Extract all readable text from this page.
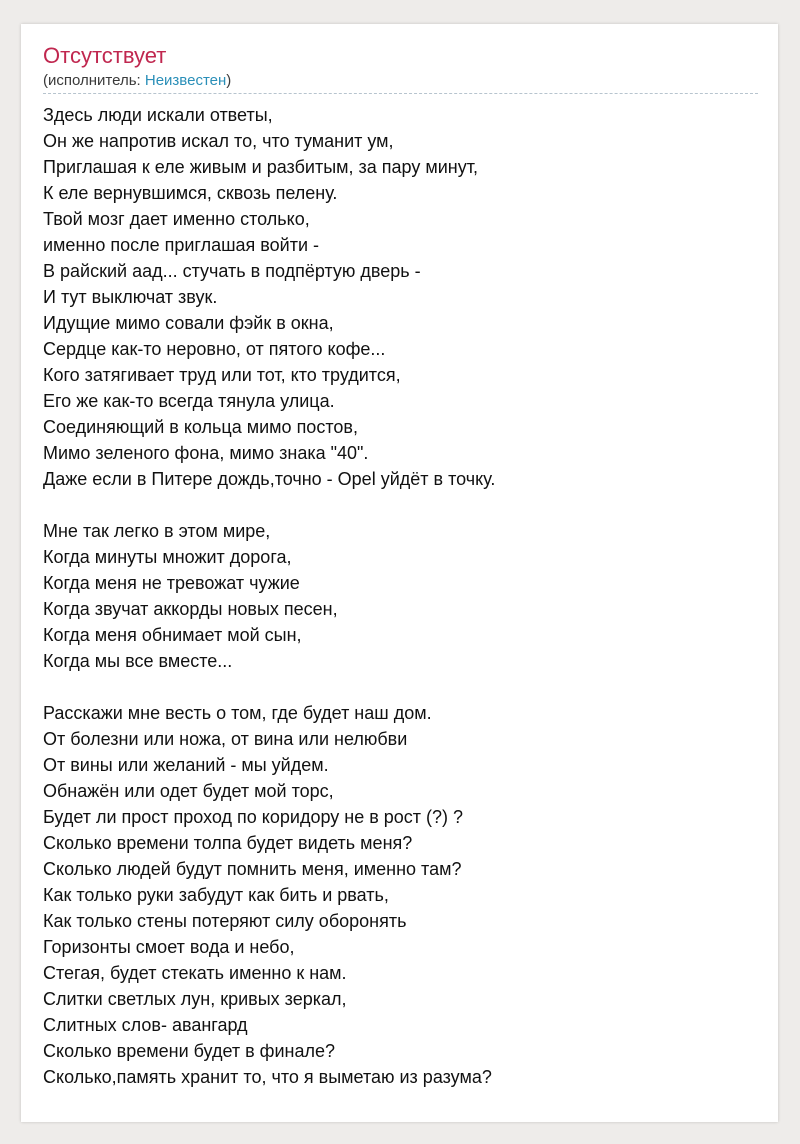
Отсутствует
(исполнитель: Неизвестен)
Здесь люди искали ответы,
Он же напротив искал то, что туманит ум,
Приглашая к еле живым и разбитым, за пару минут,
К еле вернувшимся, сквозь пелену.
Твой мозг дает именно столько,
именно после приглашая войти -
В райский аад... стучать в подпёртую дверь -
И тут выключат звук.
Идущие мимо совали фэйк в окна,
Сердце как-то неровно, от пятого кофе...
Кого затягивает труд или тот, кто трудится,
Его же как-то всегда тянула улица.
Соединяющий в кольца мимо постов,
Мимо зеленого фона, мимо знака "40".
Даже если в Питере дождь,точно - Opel уйдёт в точку.
Мне так легко в этом мире,
Когда минуты множит дорога,
Когда меня не тревожат чужие
Когда звучат аккорды новых песен,
Когда меня обнимает мой сын,
Когда мы все вместе...
Расскажи мне весть о том, где будет наш дом.
От болезни или ножа, от вина или нелюбви
От вины или желаний - мы уйдем.
Обнажён или одет будет мой торс,
Будет ли прост проход по коридору не в рост (?) ?
Сколько времени толпа будет видеть меня?
Сколько людей будут помнить меня, именно там?
Как только руки забудут как бить и рвать,
Как только стены потеряют силу оборонять
Горизонты смоет вода и небо,
Стегая, будет стекать именно к нам.
Слитки светлых лун, кривых зеркал,
Слитных слов- авангард
Сколько времени будет в финале?
Сколько,память хранит то, что я выметаю из разума?
